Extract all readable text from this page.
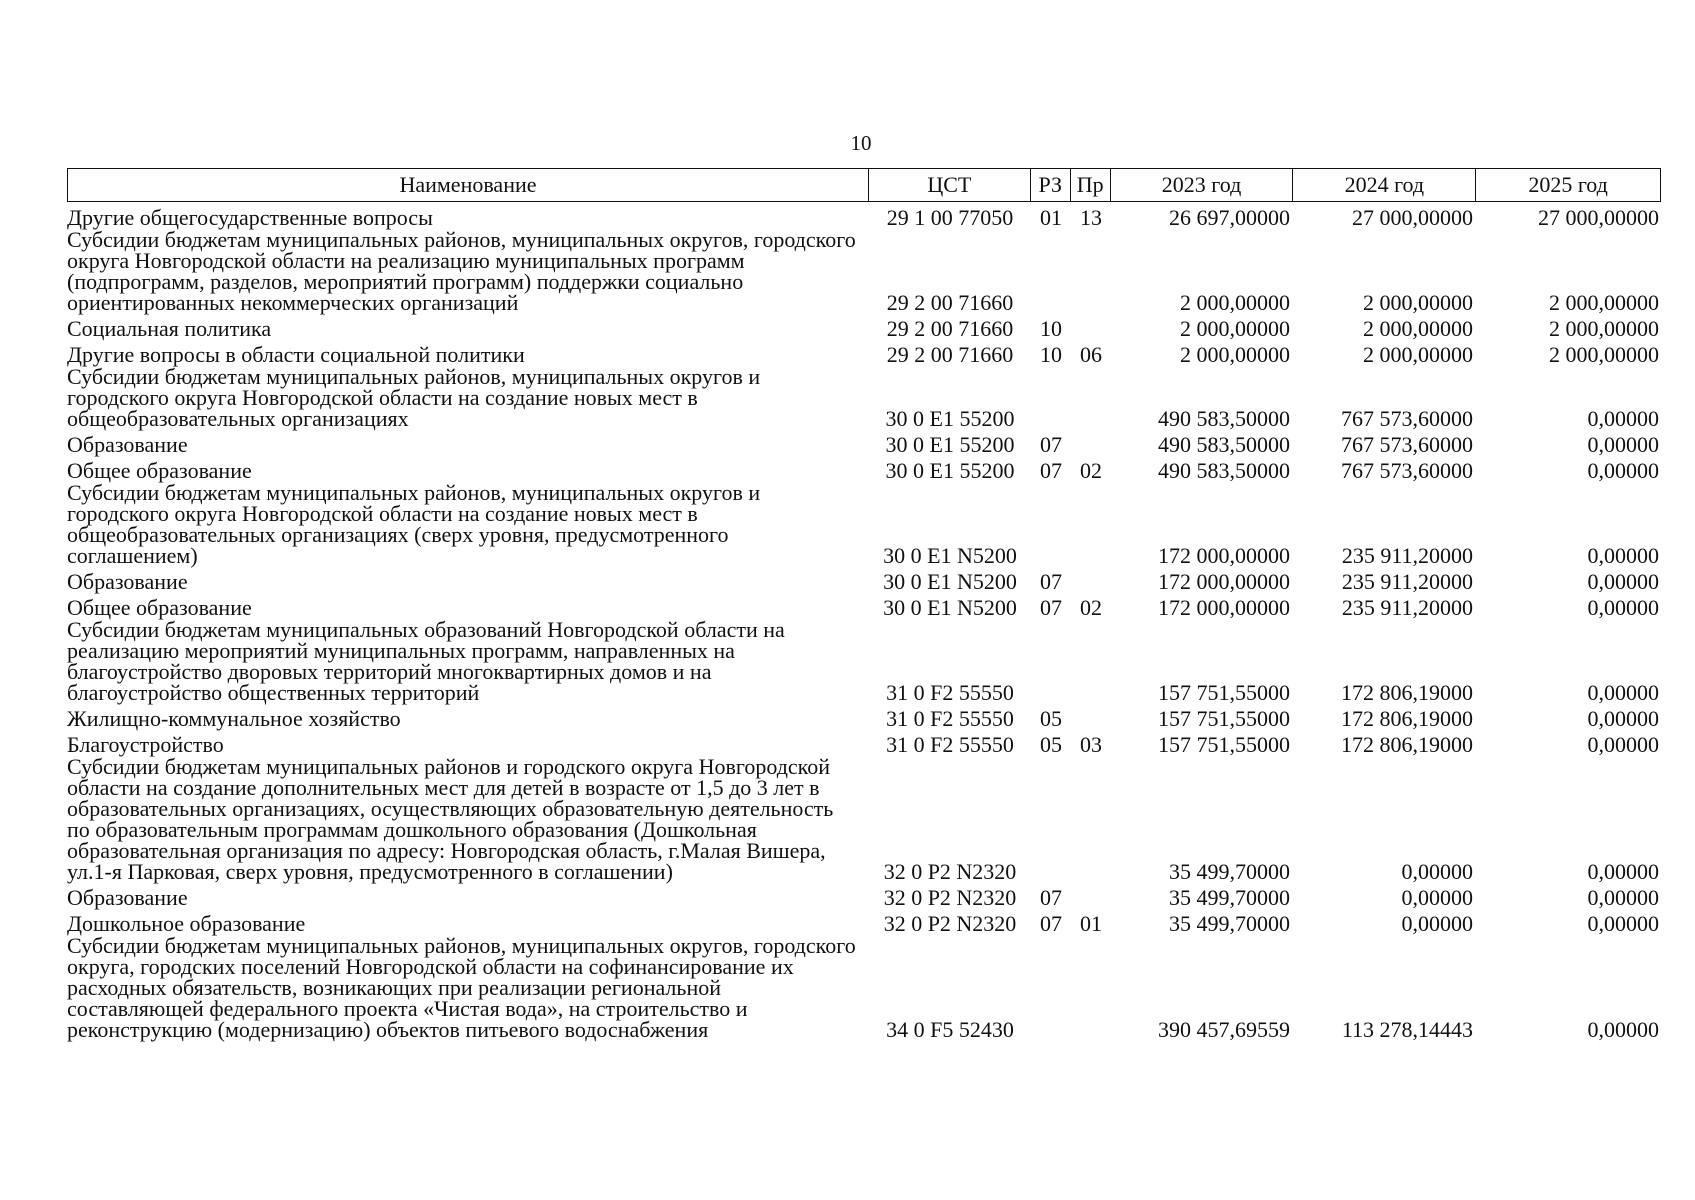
10
Наименование	ЦСТ	РЗ Пр	2023 год	2024 год	2025 год
Другие общегосударственные вопросы	29 1 00 77050	01 13	26 697,00000	27 000,00000	27 000,00000
Субсидии бюджетам муниципальных районов, муниципальных округов, городского округа Новгородской области на реализацию муниципальных программ (подпрограмм, разделов, мероприятий программ) поддержки социально ориентированных некоммерческих организаций	29 2 00 71660	2 000,00000	2 000,00000	2 000,00000
Социальная политика	29 2 00 71660	10	2 000,00000	2 000,00000	2 000,00000
Другие вопросы в области социальной политики	29 2 00 71660	10 06	2 000,00000	2 000,00000	2 000,00000
Субсидии бюджетам муниципальных районов, муниципальных округов и городского округа Новгородской области на создание новых мест в общеобразовательных организациях	30 0 E1 55200	490 583,50000	767 573,60000	0,00000
Образование	30 0 E1 55200	07	490 583,50000	767 573,60000	0,00000
Общее образование	30 0 E1 55200	07 02	490 583,50000	767 573,60000	0,00000
Субсидии бюджетам муниципальных районов, муниципальных округов и городского округа Новгородской области на создание новых мест в общеобразовательных организациях (сверх уровня, предусмотренного соглашением)	30 0 E1 N5200	172 000,00000	235 911,20000	0,00000
Образование	30 0 E1 N5200	07	172 000,00000	235 911,20000	0,00000
Общее образование	30 0 E1 N5200	07 02	172 000,00000	235 911,20000	0,00000
Субсидии бюджетам муниципальных образований Новгородской области на реализацию мероприятий муниципальных программ, направленных на благоустройство дворовых территорий многоквартирных домов и на благоустройство общественных территорий	31 0 F2 55550	157 751,55000	172 806,19000	0,00000
Жилищно-коммунальное хозяйство	31 0 F2 55550	05	157 751,55000	172 806,19000	0,00000
Благоустройство	31 0 F2 55550	05 03	157 751,55000	172 806,19000	0,00000
Субсидии бюджетам муниципальных районов и городского округа Новгородской области на создание дополнительных мест для детей в возрасте от 1,5 до 3 лет в образовательных организациях, осуществляющих образовательную деятельность по образовательным программам дошкольного образования (Дошкольная образовательная организация по адресу: Новгородская область, г.Малая Вишера, ул.1-я Парковая, сверх уровня, предусмотренного в соглашении)	32 0 P2 N2320	35 499,70000	0,00000	0,00000
Образование	32 0 P2 N2320	07	35 499,70000	0,00000	0,00000
Дошкольное образование	32 0 P2 N2320	07 01	35 499,70000	0,00000	0,00000
Субсидии бюджетам муниципальных районов, муниципальных округов, городского округа, городских поселений Новгородской области на софинансирование их расходных обязательств, возникающих при реализации региональной составляющей федерального проекта «Чистая вода», на строительство и реконструкцию (модернизацию) объектов питьевого водоснабжения	34 0 F5 52430	390 457,69559	113 278,14443	0,00000
